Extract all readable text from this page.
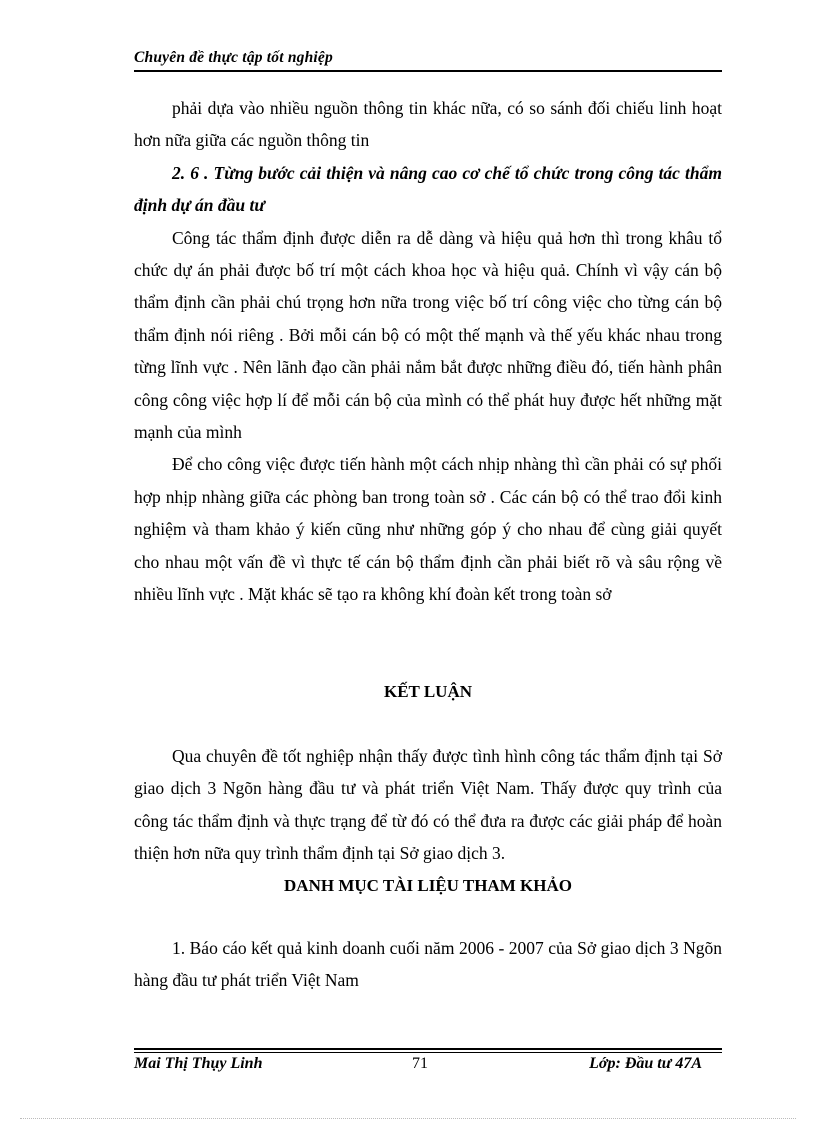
Chuyên đề thực tập tốt nghiệp

phải dựa vào nhiều nguồn thông tin khác nữa, có so sánh đối chiếu linh hoạt hơn nữa giữa các nguồn thông tin

2. 6 . Từng bước cải thiện và nâng cao cơ chế tổ chức trong công tác thẩm định dự án đầu tư

Công tác thẩm định được diễn ra dễ dàng và hiệu quả hơn thì trong khâu tổ chức dự án phải được bố trí một cách khoa học và hiệu quả. Chính vì vậy cán bộ thẩm định cần phải chú trọng hơn nữa trong việc bố trí công việc cho từng cán bộ thẩm định nói riêng . Bởi mỗi cán bộ có một thế mạnh và thế yếu khác nhau trong từng lĩnh vực . Nên lãnh đạo cần phải nắm bắt được những điều đó, tiến hành phân công công việc hợp lí để mỗi cán bộ của mình có thể phát huy được hết những mặt mạnh của mình

Để cho công việc được tiến hành một cách nhịp nhàng thì cần phải có sự phối hợp nhịp nhàng giữa các phòng ban trong toàn sở . Các cán bộ có thể trao đổi kinh nghiệm và tham khảo ý kiến cũng như những góp ý cho nhau để cùng giải quyết cho nhau một vấn đề vì thực tế cán bộ thẩm định cần phải biết rõ và sâu rộng về nhiều lĩnh vực . Mặt khác sẽ tạo ra không khí đoàn kết trong toàn sở

KẾT LUẬN

Qua chuyên đề tốt nghiệp nhận thấy được tình hình công tác thẩm định tại Sở giao dịch 3 Ngõn hàng đầu tư và phát triển Việt Nam. Thấy được quy trình của công tác thẩm định và thực trạng để từ đó có thể đưa ra được các giải pháp để hoàn thiện hơn nữa quy trình thẩm định tại Sở giao dịch 3.

DANH MỤC TÀI LIỆU THAM KHẢO

1. Báo cáo kết quả kinh doanh cuối năm 2006 - 2007 của Sở giao dịch 3 Ngõn hàng đầu tư phát triển Việt Nam

Mai Thị Thụy Linh	71	Lớp: Đầu tư 47A
